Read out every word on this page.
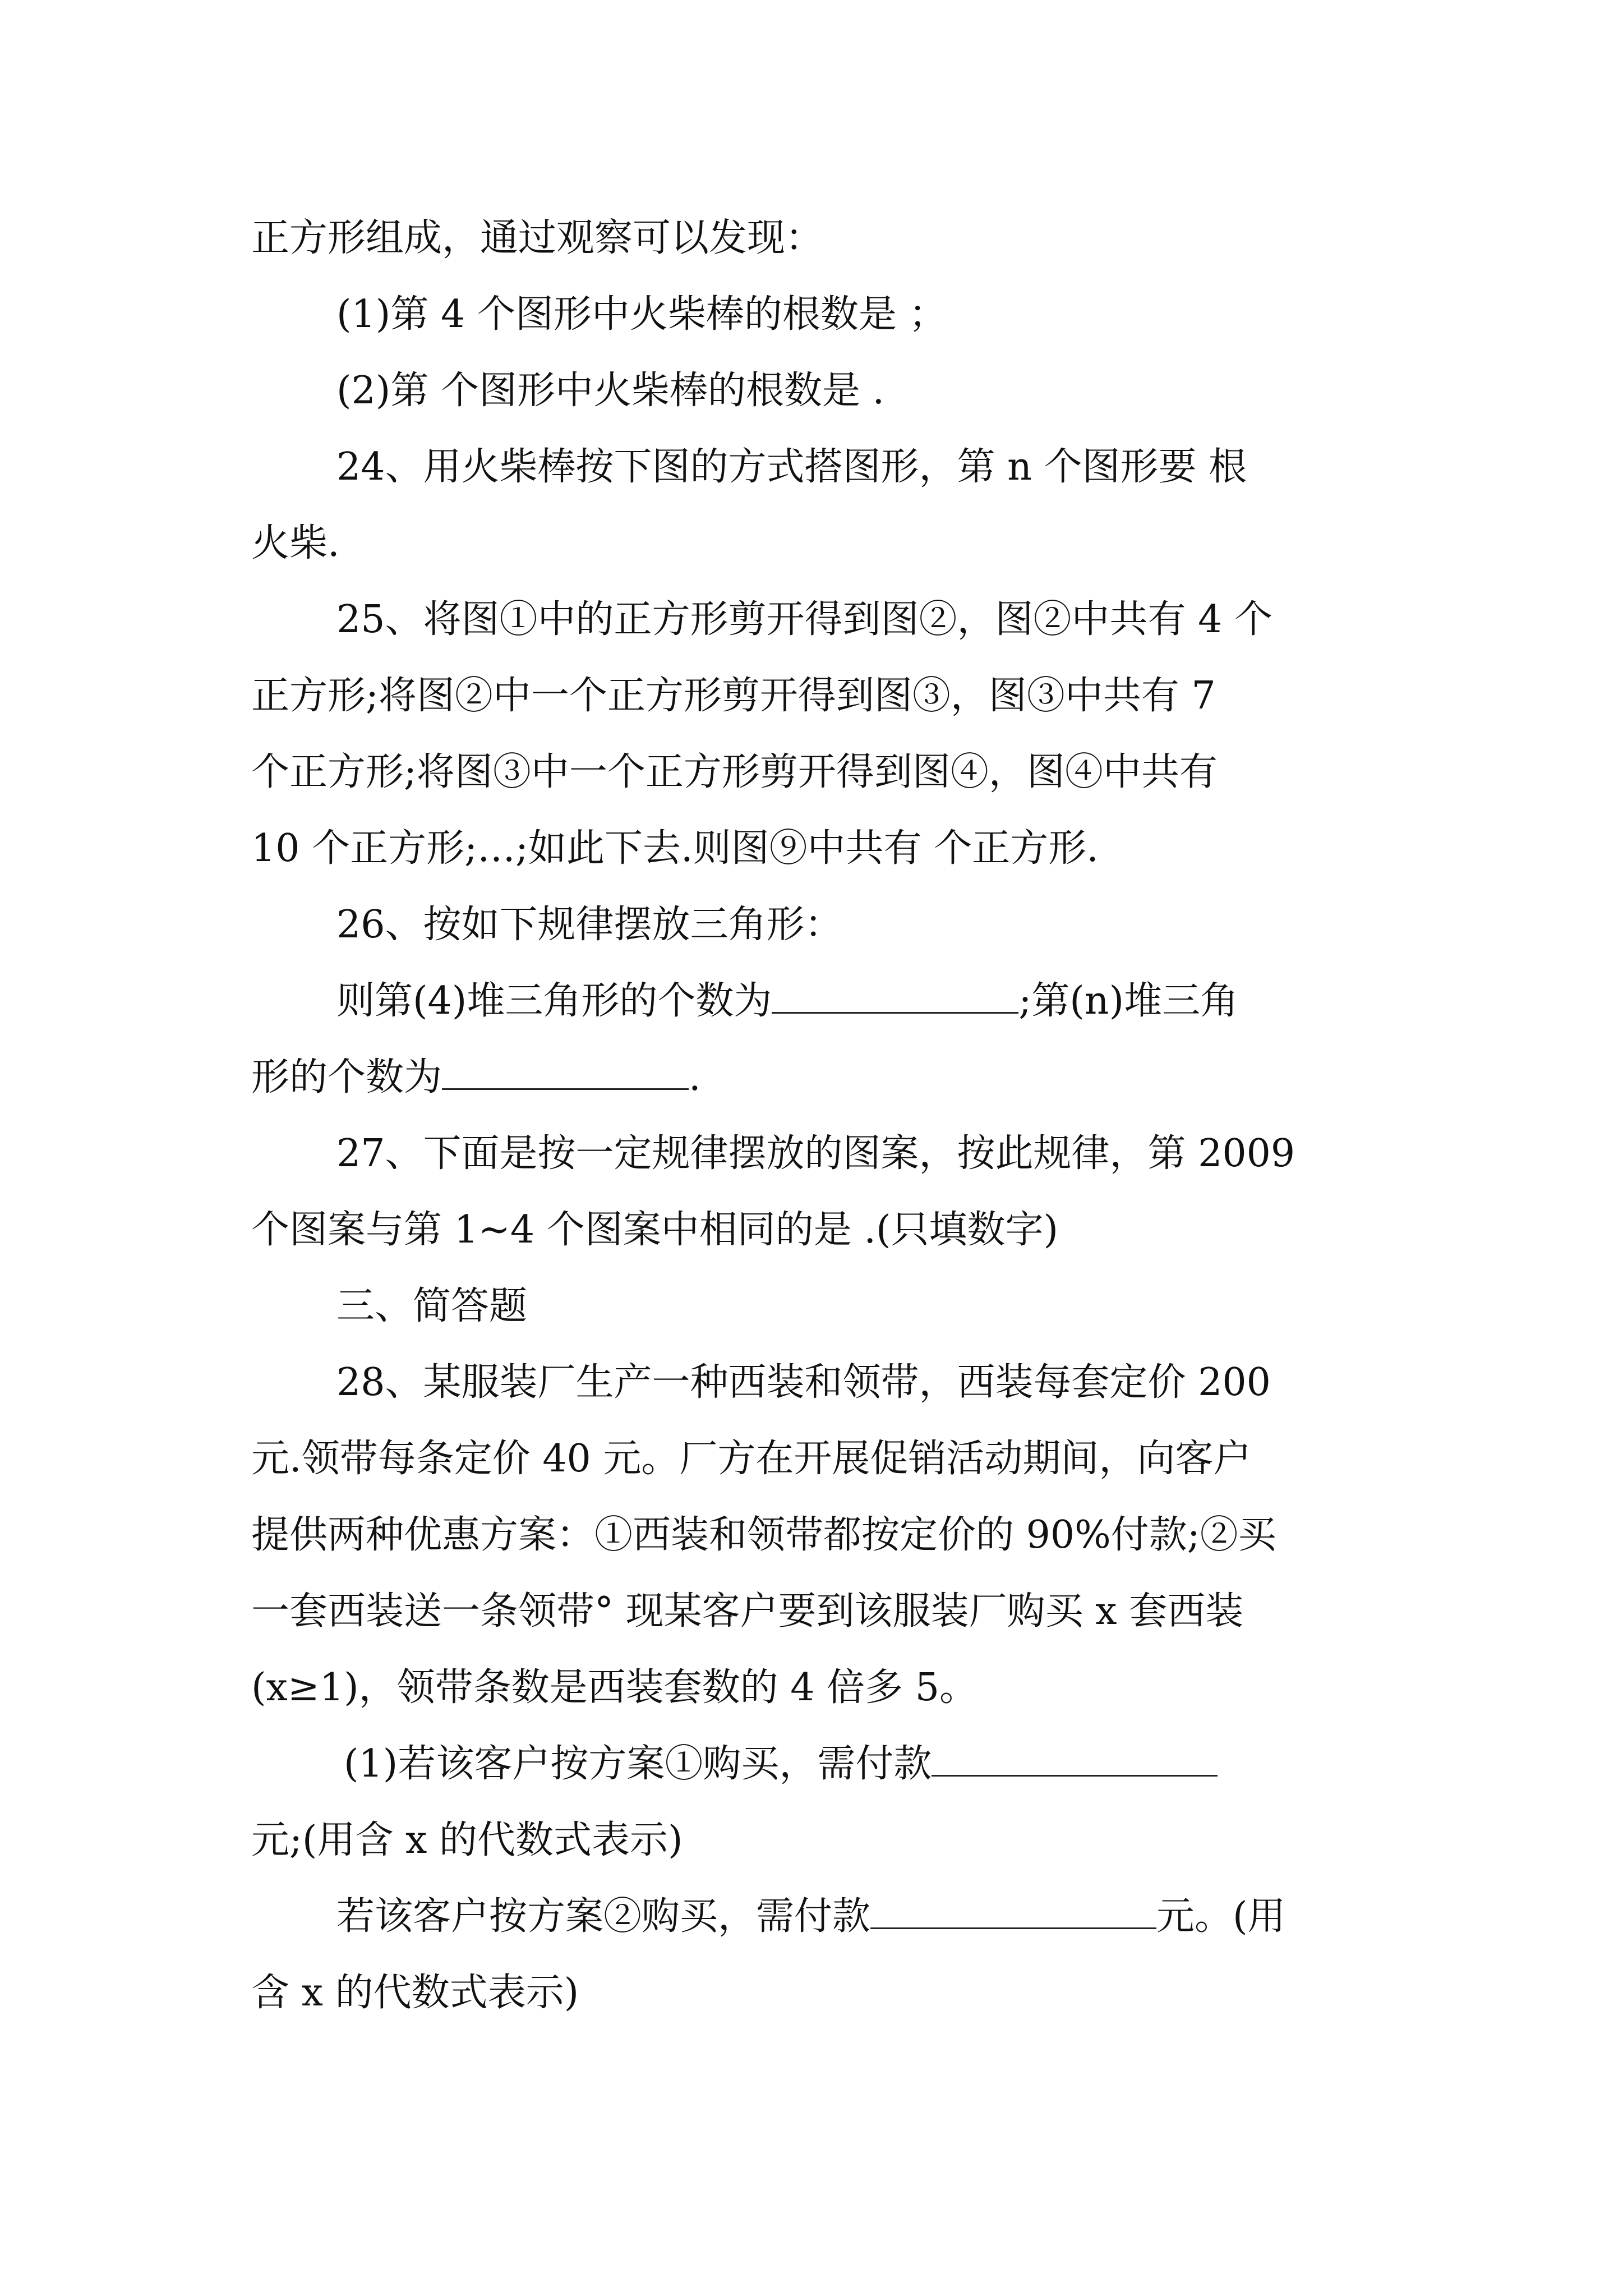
正方形组成，通过观察可以发现：
(1)第 4 个图形中火柴棒的根数是 ；
(2)第 个图形中火柴棒的根数是 .
24、用火柴棒按下图的方式搭图形，第 n 个图形要 根
火柴.
25、将图①中的正方形剪开得到图②，图②中共有 4 个
正方形;将图②中一个正方形剪开得到图③，图③中共有 7
个正方形;将图③中一个正方形剪开得到图④，图④中共有
10 个正方形;…;如此下去.则图⑨中共有 个正方形.
26、按如下规律摆放三角形：
则第(4)堆三角形的个数为	;第(n)堆三角
形的个数为	.
27、下面是按一定规律摆放的图案，按此规律，第 2009
个图案与第 1~4 个图案中相同的是 .(只填数字)
三、简答题
28、某服装厂生产一种西装和领带，西装每套定价 200
元.领带每条定价 40 元。厂方在开展促销活动期间，向客户
提供两种优惠方案：①西装和领带都按定价的 90%付款;②买
一套西装送一条领带° 现某客户要到该服装厂购买 x 套西装
(x≥1)，领带条数是西装套数的 4 倍多 5。
(1)若该客户按方案①购买，需付款
元;(用含 x 的代数式表示)
若该客户按方案②购买，需付款	元。(用
含 x 的代数式表示)
